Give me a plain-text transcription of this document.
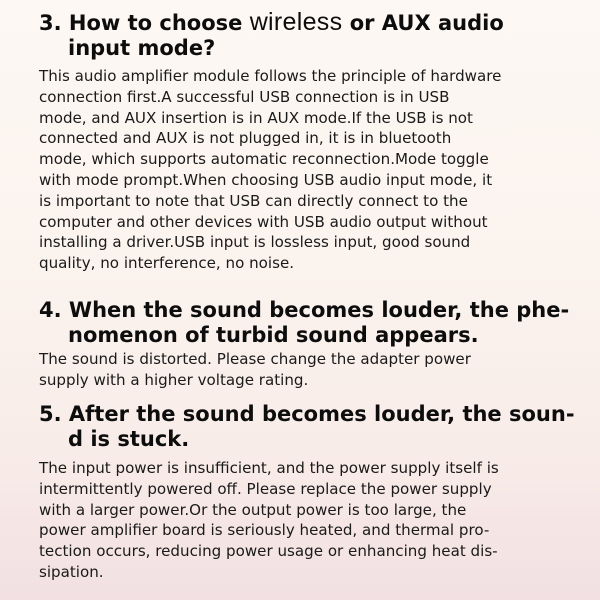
3. How to choose wireless or AUX audio
input mode?
This audio amplifier module follows the principle of hardware
connection first.A successful USB connection is in USB
mode, and AUX insertion is in AUX mode.If the USB is not
connected and AUX is not plugged in, it is in bluetooth
mode, which supports automatic reconnection.Mode toggle
with mode prompt.When choosing USB audio input mode, it
is important to note that USB can directly connect to the
computer and other devices with USB audio output without
installing a driver.USB input is lossless input, good sound
quality, no interference, no noise.
4. When the sound becomes louder, the phe-
nomenon of turbid sound appears.
The sound is distorted. Please change the adapter power
supply with a higher voltage rating.
5. After the sound becomes louder, the soun-
d is stuck.
The input power is insufficient, and the power supply itself is
intermittently powered off. Please replace the power supply
with a larger power.Or the output power is too large, the
power amplifier board is seriously heated, and thermal pro-
tection occurs, reducing power usage or enhancing heat dis-
sipation.
